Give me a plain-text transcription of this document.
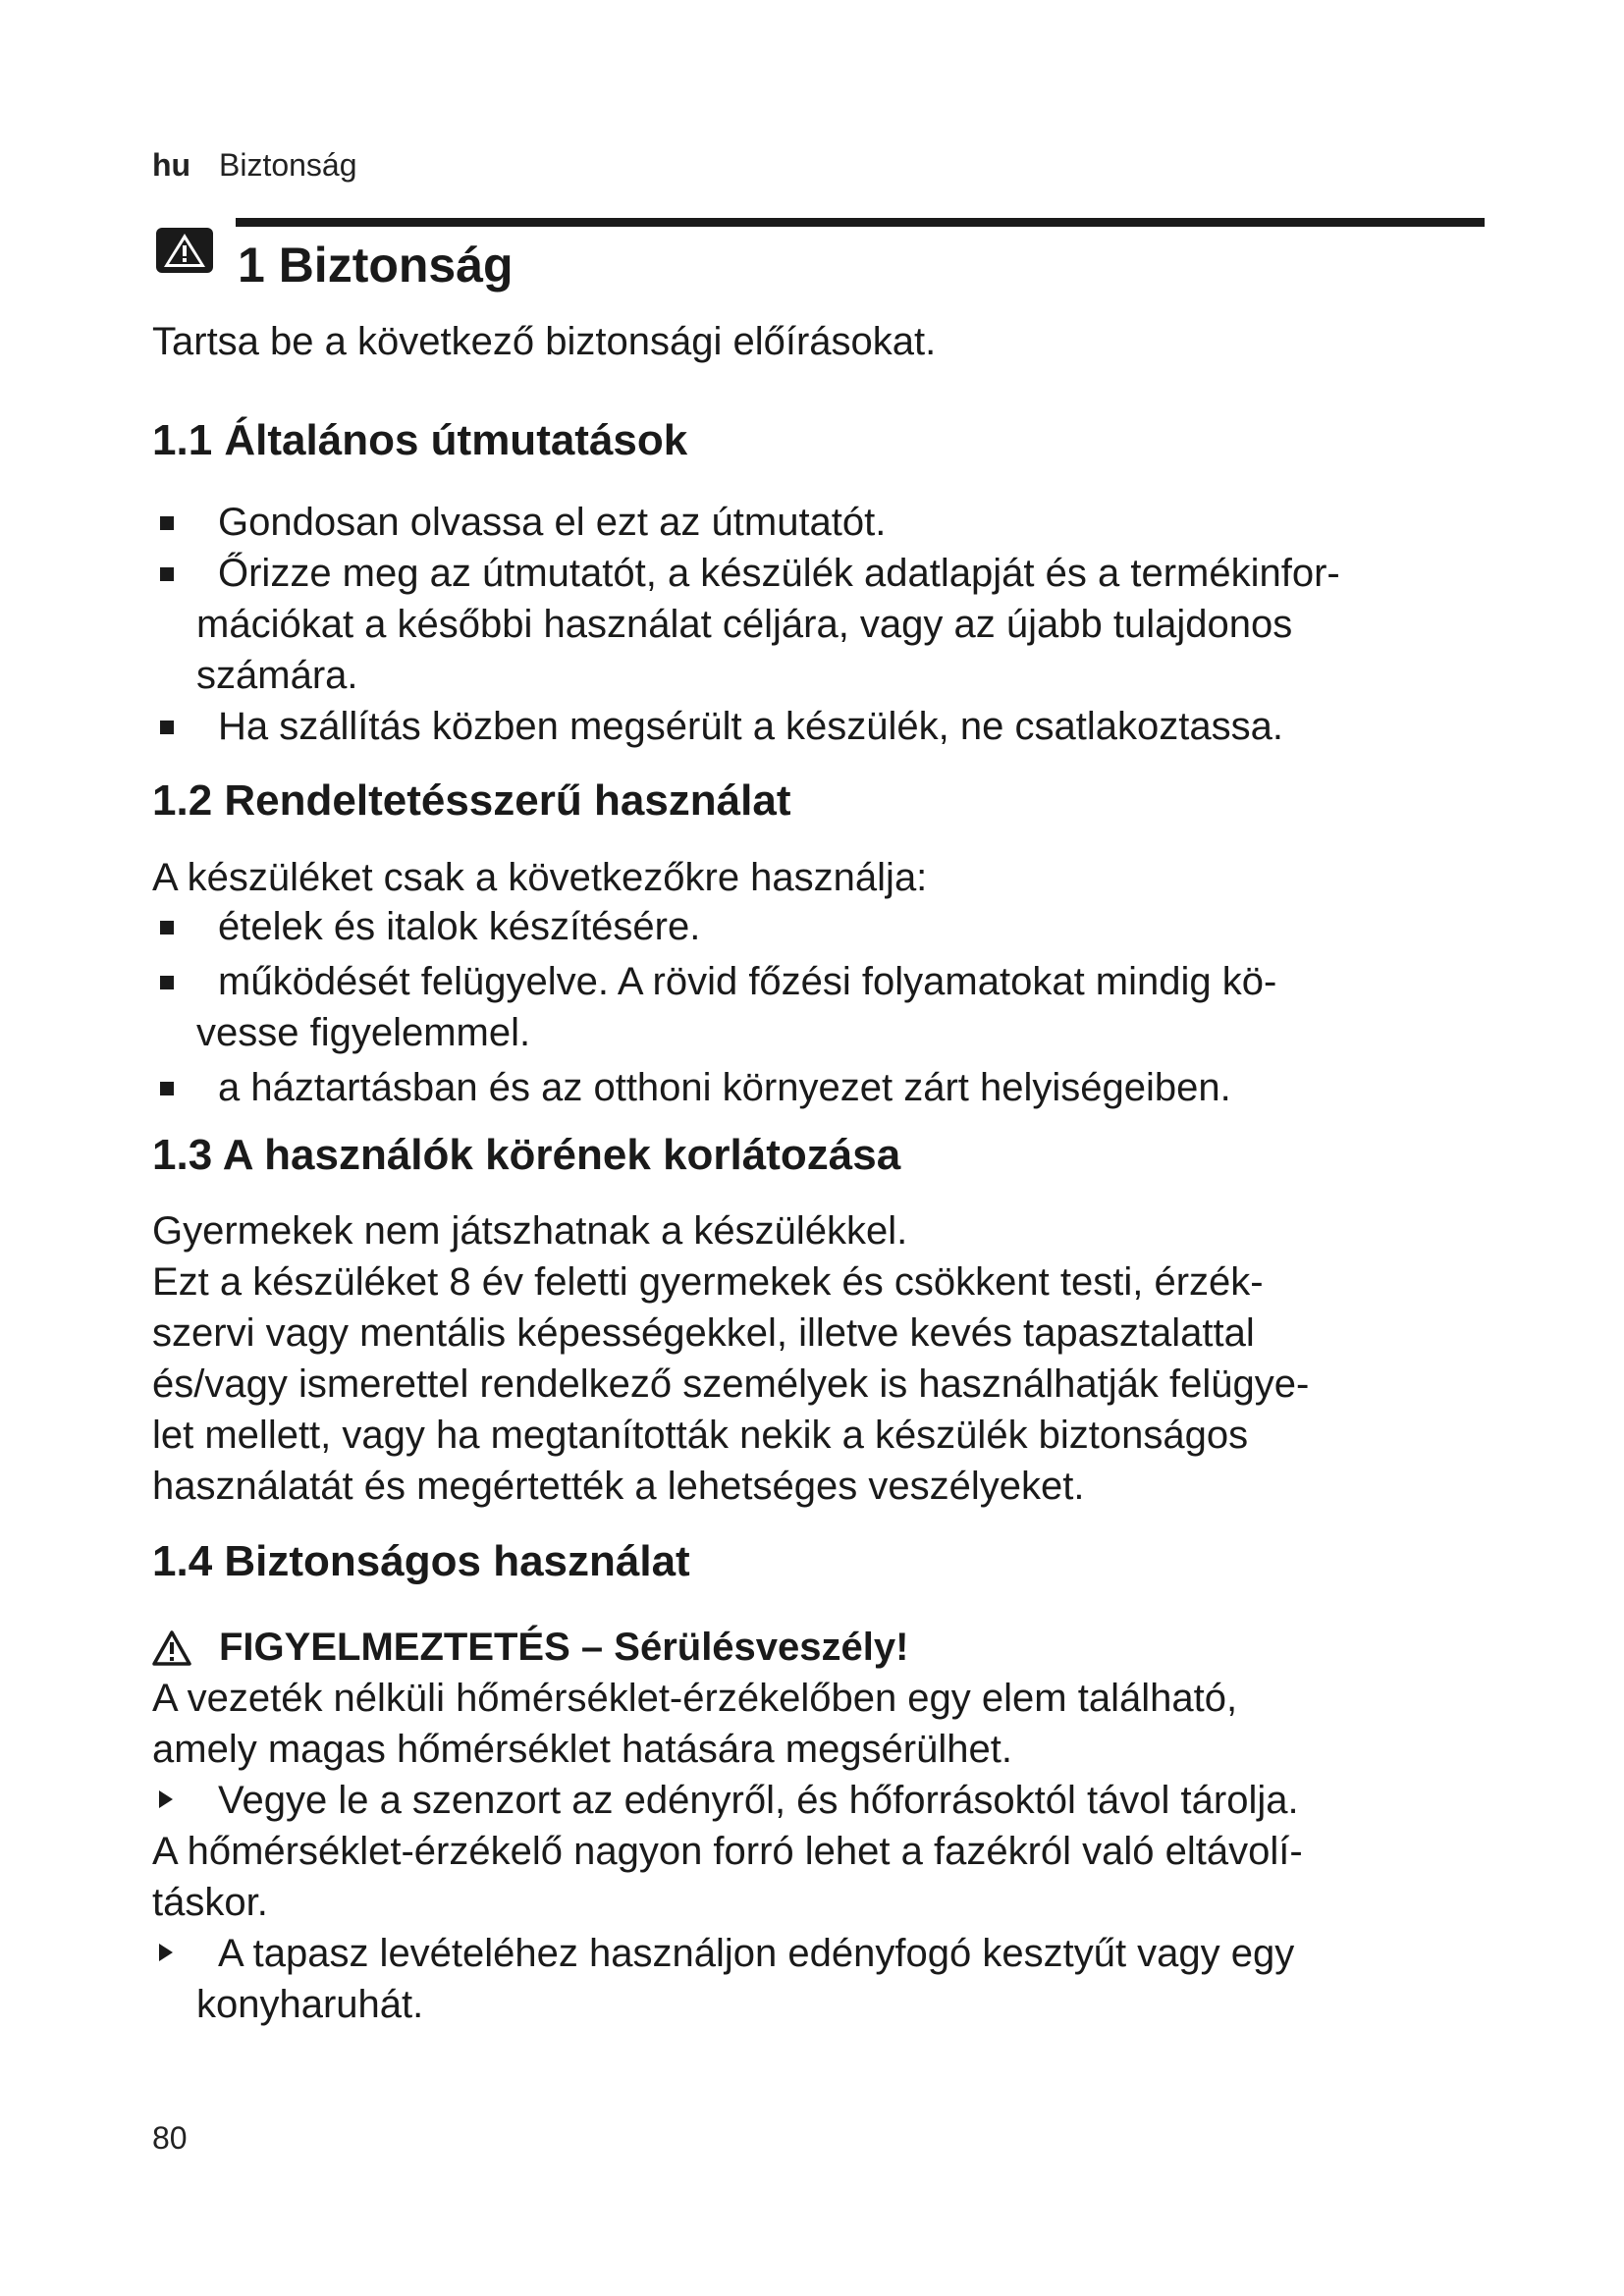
hu Biztonság
1 Biztonság

Tartsa be a következő biztonsági előírásokat.

1.1 Általános útmutatások
Gondosan olvassa el ezt az útmutatót.
Őrizze meg az útmutatót, a készülék adatlapját és a termékinfor-
mációkat a későbbi használat céljára, vagy az újabb tulajdonos
számára.
Ha szállítás közben megsérült a készülék, ne csatlakoztassa.
1.2 Rendeltetésszerű használat

A készüléket csak a következőkre használja:

ételek és italok készítésére.
működését felügyelve. A rövid főzési folyamatokat mindig kö-
vesse figyelemmel.
a háztartásban és az otthoni környezet zárt helyiségeiben.
1.3 A használók körének korlátozása

Gyermekek nem játszhatnak a készülékkel.
Ezt a készüléket 8 év feletti gyermekek és csökkent testi, érzék-
szervi vagy mentális képességekkel, illetve kevés tapasztalattal
és/vagy ismerettel rendelkező személyek is használhatják felügye-
let mellett, vagy ha megtanították nekik a készülék biztonságos
használatát és megértették a lehetséges veszélyeket.

1.4 Biztonságos használat
FIGYELMEZTETÉS – Sérülésveszély!

A vezeték nélküli hőmérséklet-érzékelőben egy elem található,
amely magas hőmérséklet hatására megsérülhet.

Vegye le a szenzort az edényről, és hőforrásoktól távol tárolja.

A hőmérséklet-érzékelő nagyon forró lehet a fazékról való eltávolí-
táskor.

A tapasz levételéhez használjon edényfogó kesztyűt vagy egy
konyharuhát.
80
